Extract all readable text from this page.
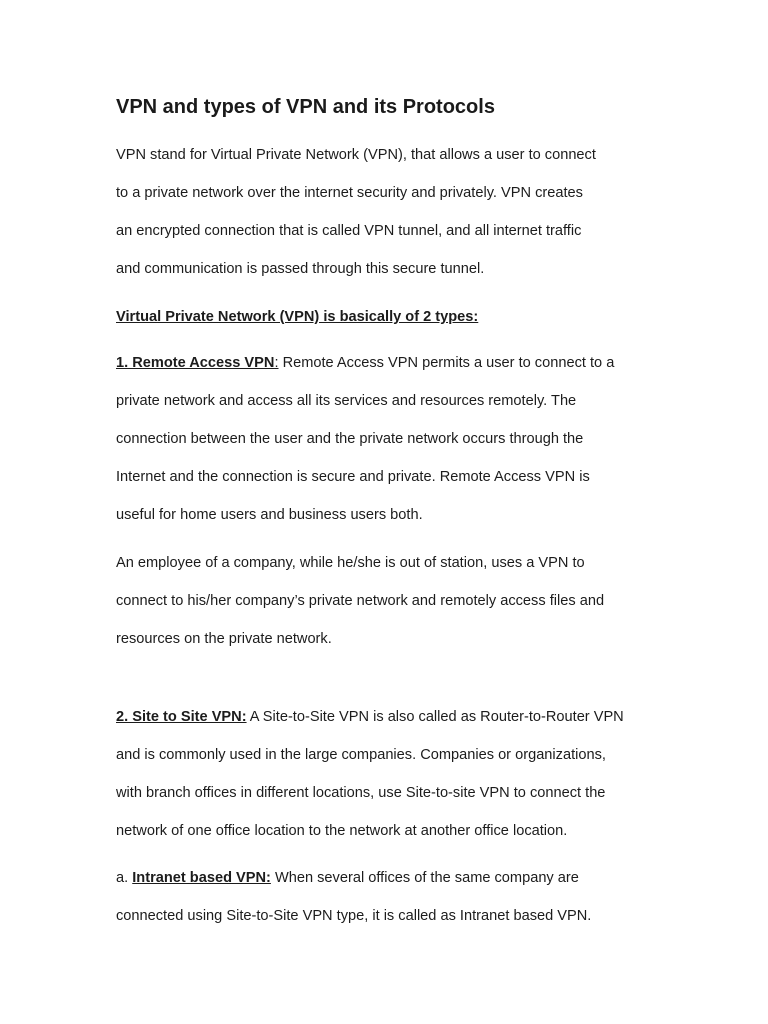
VPN and types of VPN and its Protocols
VPN stand for Virtual Private Network (VPN), that allows a user to connect
to a private network over the internet security and privately. VPN creates
an encrypted connection that is called VPN tunnel, and all internet traffic
and communication is passed through this secure tunnel.
Virtual Private Network (VPN) is basically of 2 types:
1. Remote Access VPN: Remote Access VPN permits a user to connect to a
private network and access all its services and resources remotely. The
connection between the user and the private network occurs through the
Internet and the connection is secure and private. Remote Access VPN is
useful for home users and business users both.
An employee of a company, while he/she is out of station, uses a VPN to
connect to his/her company’s private network and remotely access files and
resources on the private network.
2. Site to Site VPN: A Site-to-Site VPN is also called as Router-to-Router VPN
and is commonly used in the large companies. Companies or organizations,
with branch offices in different locations, use Site-to-site VPN to connect the
network of one office location to the network at another office location.
a. Intranet based VPN: When several offices of the same company are
connected using Site-to-Site VPN type, it is called as Intranet based VPN.
